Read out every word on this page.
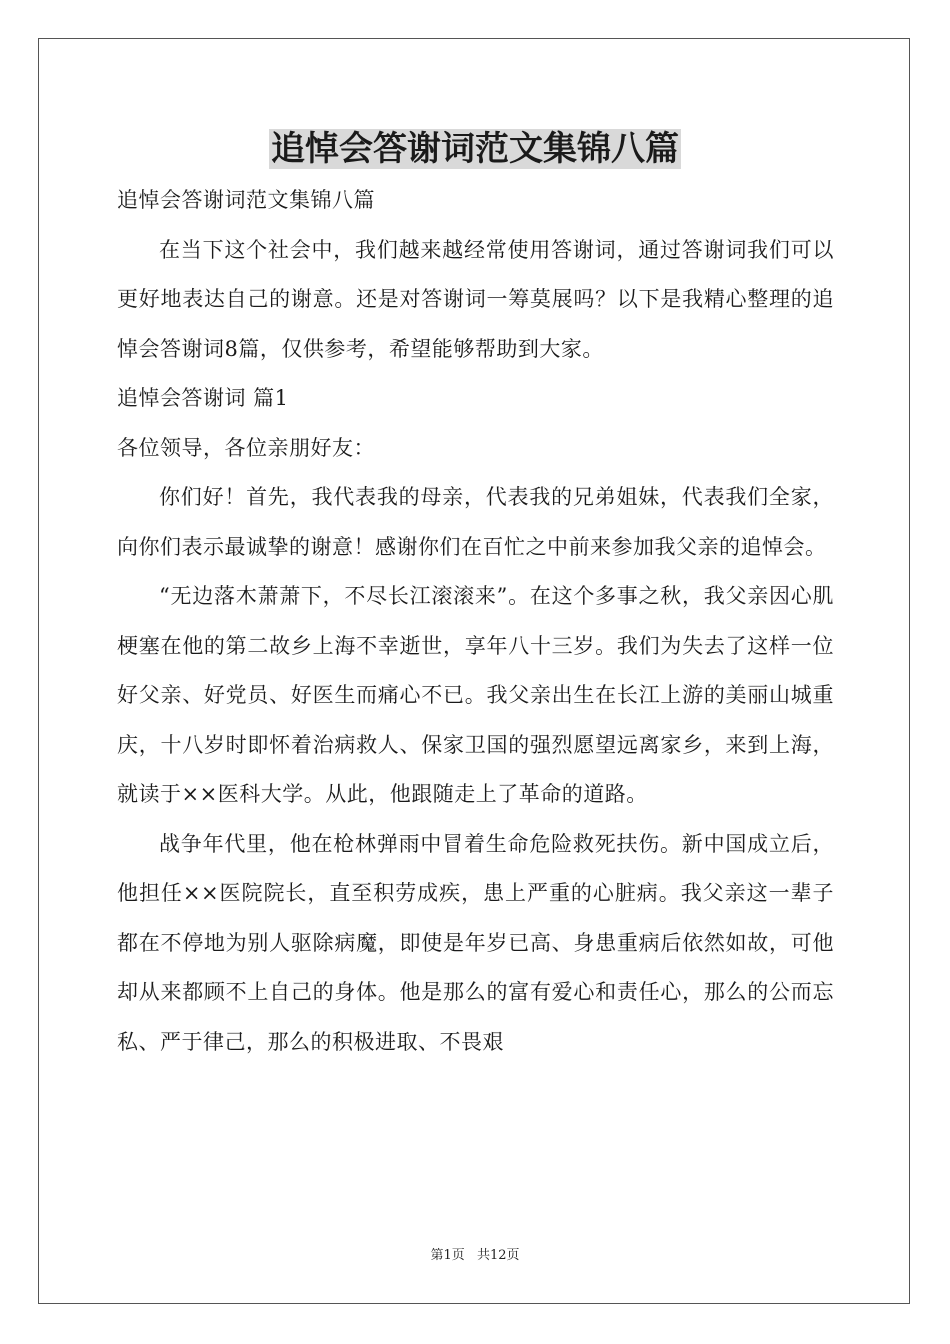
追悼会答谢词范文集锦八篇

追悼会答谢词范文集锦八篇

在当下这个社会中，我们越来越经常使用答谢词，通过答谢词我们可以更好地表达自己的谢意。还是对答谢词一筹莫展吗？以下是我精心整理的追悼会答谢词8篇，仅供参考，希望能够帮助到大家。

追悼会答谢词 篇1

各位领导，各位亲朋好友：

你们好！首先，我代表我的母亲，代表我的兄弟姐妹，代表我们全家，向你们表示最诚挚的谢意！感谢你们在百忙之中前来参加我父亲的追悼会。

“无边落木萧萧下，不尽长江滚滚来”。在这个多事之秋，我父亲因心肌梗塞在他的第二故乡上海不幸逝世，享年八十三岁。我们为失去了这样一位好父亲、好党员、好医生而痛心不已。我父亲出生在长江上游的美丽山城重庆，十八岁时即怀着治病救人、保家卫国的强烈愿望远离家乡，来到上海，就读于××医科大学。从此，他跟随走上了革命的道路。

战争年代里，他在枪林弹雨中冒着生命危险救死扶伤。新中国成立后，他担任××医院院长，直至积劳成疾，患上严重的心脏病。我父亲这一辈子都在不停地为别人驱除病魔，即使是年岁已高、身患重病后依然如故，可他却从来都顾不上自己的身体。他是那么的富有爱心和责任心，那么的公而忘私、严于律己，那么的积极进取、不畏艰

第1页 共12页
